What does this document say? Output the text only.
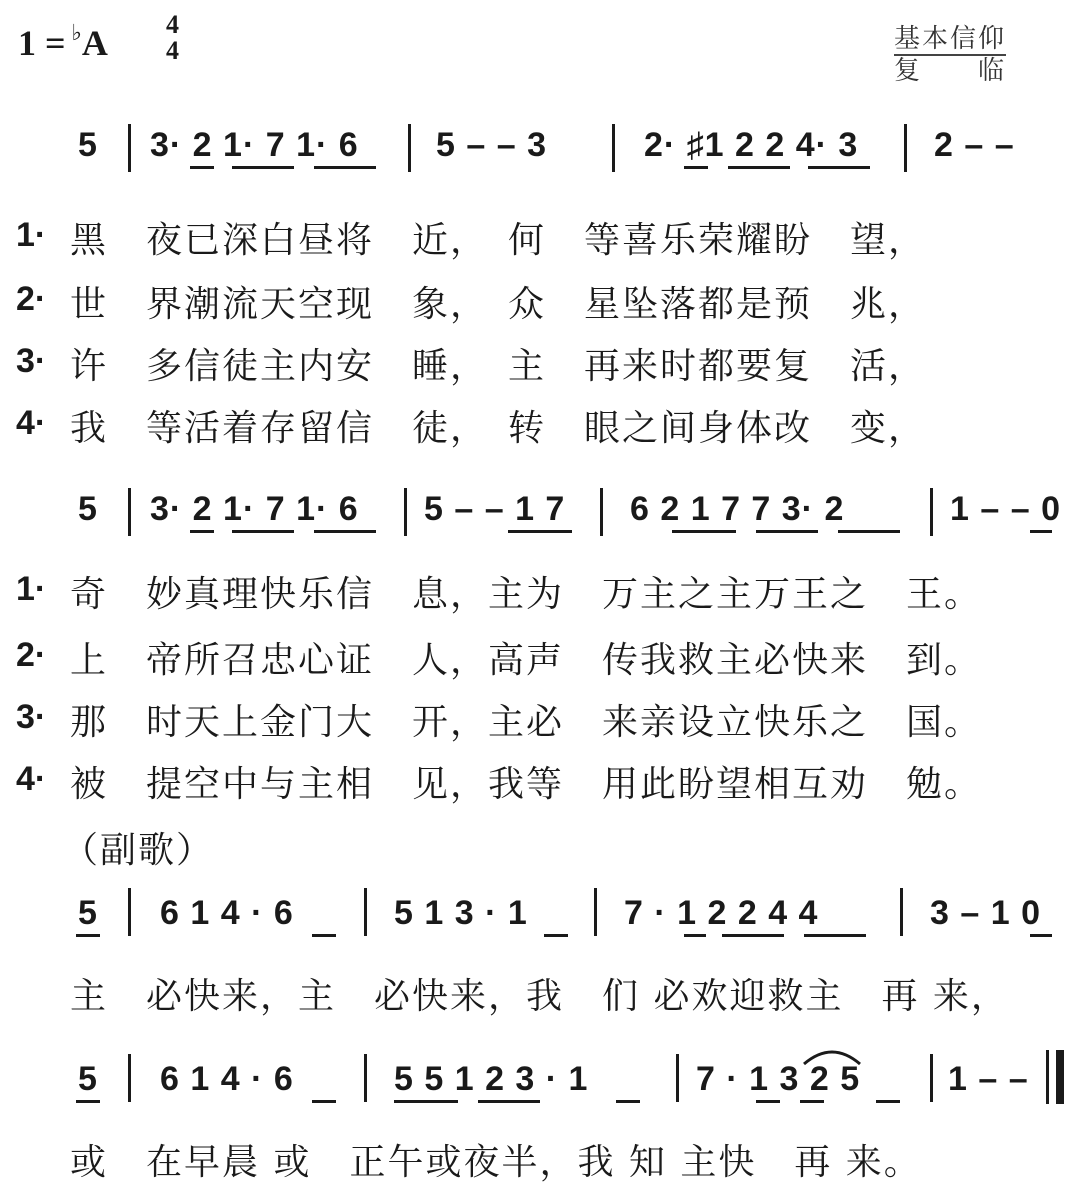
1 = ♭A 4
4	基本信仰
复　　临
5 3· 2 1· 7 1· 6 5 – – 3	2· ♯1 2 2 4· 3 2 – –
1· 黑　夜已深白昼将　近，　何　等喜乐荣耀盼　望，
2· 世　界潮流天空现　象，　众　星坠落都是预　兆，
3· 许　多信徒主内安　睡，　主　再来时都要复　活，
4· 我　等活着存留信　徒，　转　眼之间身体改　变，
5 3· 2 1· 7 1· 6 5 – – 1 7 6 2 1 7 7 3· 2	1 – – 0
1· 奇　妙真理快乐信　息，主为　万主之主万王之　王。
2· 上　帝所召忠心证　人，高声　传我救主必快来　到。
3· 那　时天上金门大　开，主必　来亲设立快乐之　国。
4· 被　提空中与主相　见，我等　用此盼望相互劝　勉。
（副歌）
5 6 1 4 · 6	5 1 3 · 1	7 · 1 2 2 4 4	3 – 1 0
主　必快来，主　必快来，我　们 必欢迎救主　再 来，
5 6 1 4 · 6	5 5 1 2 3 · 1	7 · 1 3 2 5	1 – –
或　在早晨 或　正午或夜半，我 知 主快　再 来。
